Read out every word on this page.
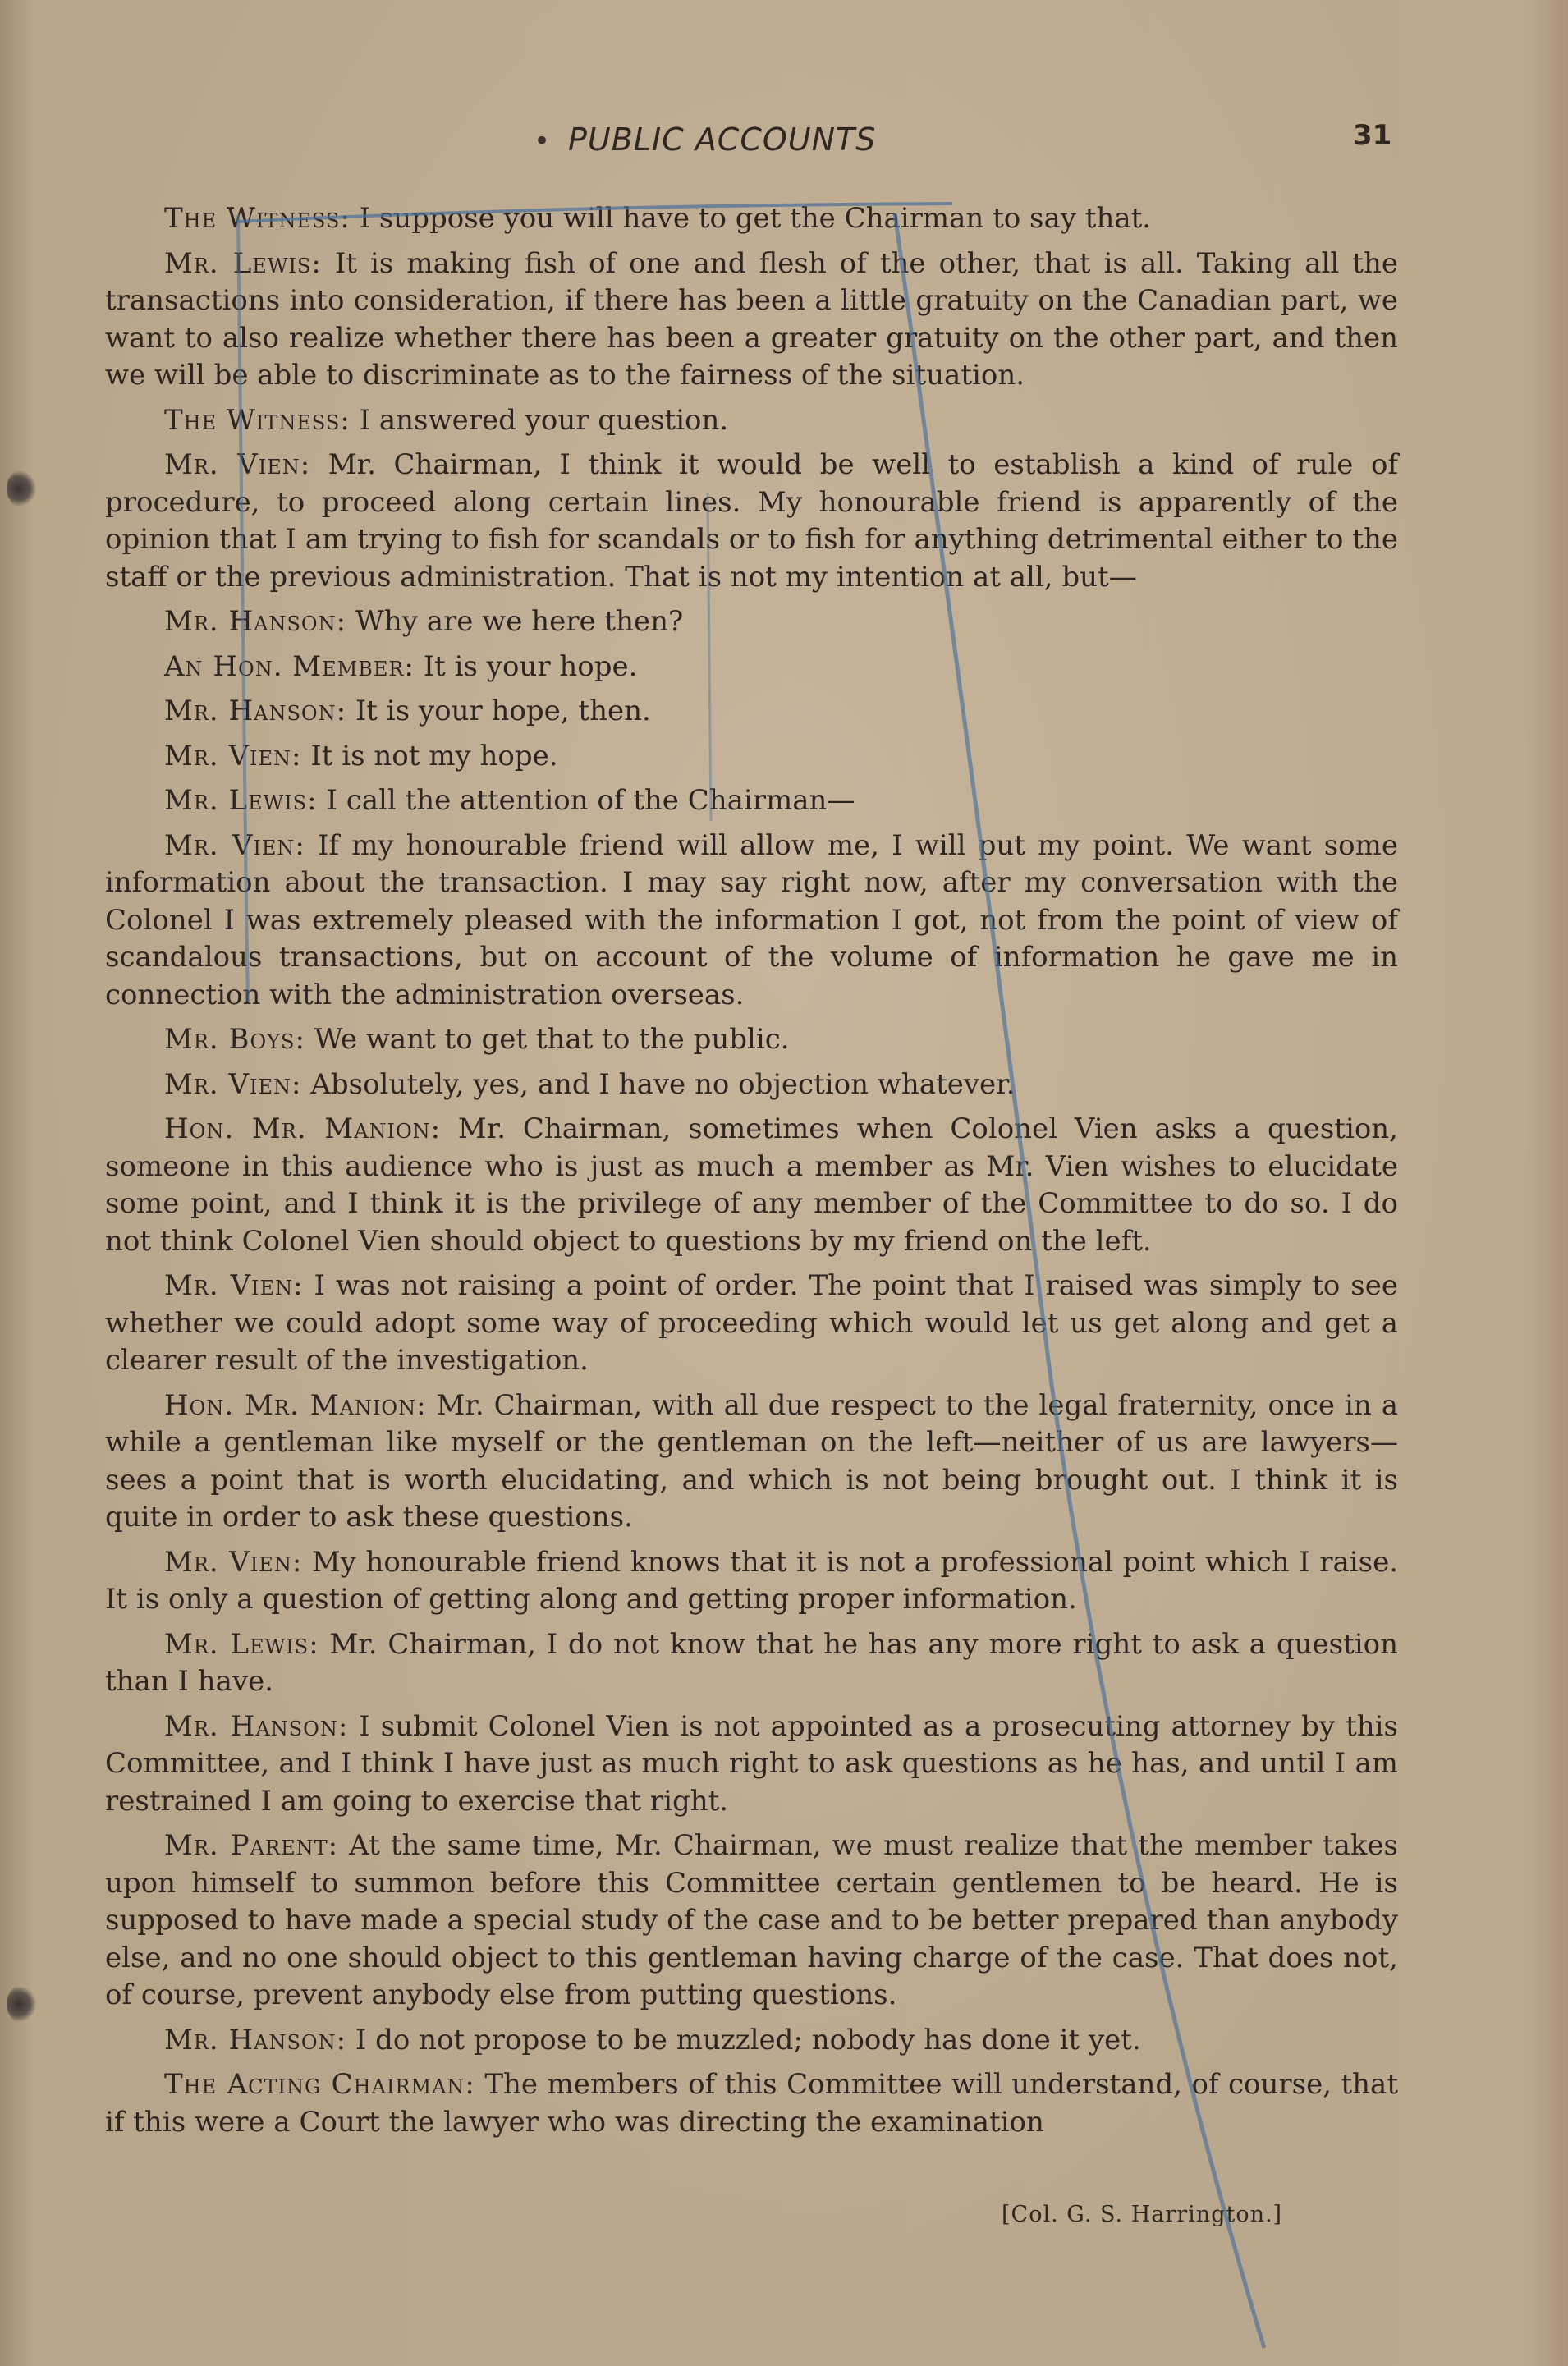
• PUBLIC ACCOUNTS	31

The Witness: I suppose you will have to get the Chairman to say that.

Mr. Lewis: It is making fish of one and flesh of the other, that is all. Taking all the transactions into consideration, if there has been a little gratuity on the Canadian part, we want to also realize whether there has been a greater gratuity on the other part, and then we will be able to discriminate as to the fairness of the situation.

The Witness: I answered your question.

Mr. Vien: Mr. Chairman, I think it would be well to establish a kind of rule of procedure, to proceed along certain lines. My honourable friend is apparently of the opinion that I am trying to fish for scandals or to fish for anything detrimental either to the staff or the previous administration. That is not my intention at all, but—

Mr. Hanson: Why are we here then?

An Hon. Member: It is your hope.

Mr. Hanson: It is your hope, then.

Mr. Vien: It is not my hope.

Mr. Lewis: I call the attention of the Chairman—

Mr. Vien: If my honourable friend will allow me, I will put my point. We want some information about the transaction. I may say right now, after my conversation with the Colonel I was extremely pleased with the information I got, not from the point of view of scandalous transactions, but on account of the volume of information he gave me in connection with the administration overseas.

Mr. Boys: We want to get that to the public.

Mr. Vien: Absolutely, yes, and I have no objection whatever.

Hon. Mr. Manion: Mr. Chairman, sometimes when Colonel Vien asks a question, someone in this audience who is just as much a member as Mr. Vien wishes to elucidate some point, and I think it is the privilege of any member of the Committee to do so. I do not think Colonel Vien should object to questions by my friend on the left.

Mr. Vien: I was not raising a point of order. The point that I raised was simply to see whether we could adopt some way of proceeding which would let us get along and get a clearer result of the investigation.

Hon. Mr. Manion: Mr. Chairman, with all due respect to the legal fraternity, once in a while a gentleman like myself or the gentleman on the left—neither of us are lawyers—sees a point that is worth elucidating, and which is not being brought out. I think it is quite in order to ask these questions.

Mr. Vien: My honourable friend knows that it is not a professional point which I raise. It is only a question of getting along and getting proper information.

Mr. Lewis: Mr. Chairman, I do not know that he has any more right to ask a question than I have.

Mr. Hanson: I submit Colonel Vien is not appointed as a prosecuting attorney by this Committee, and I think I have just as much right to ask questions as he has, and until I am restrained I am going to exercise that right.

Mr. Parent: At the same time, Mr. Chairman, we must realize that the member takes upon himself to summon before this Committee certain gentlemen to be heard. He is supposed to have made a special study of the case and to be better prepared than anybody else, and no one should object to this gentleman having charge of the case. That does not, of course, prevent anybody else from putting questions.

Mr. Hanson: I do not propose to be muzzled; nobody has done it yet.

The Acting Chairman: The members of this Committee will understand, of course, that if this were a Court the lawyer who was directing the examination

[Col. G. S. Harrington.]
